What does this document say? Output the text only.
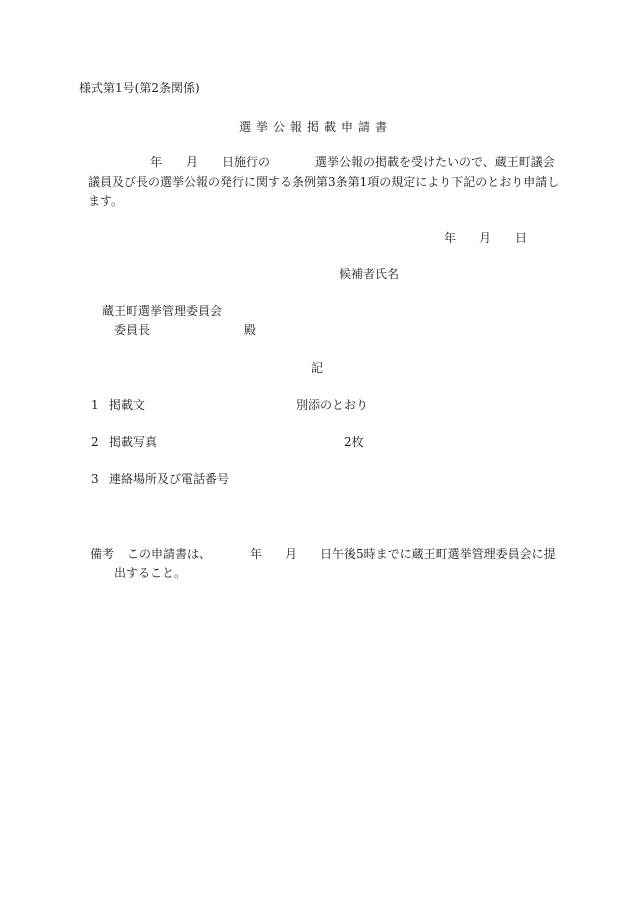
様式第1号(第2条関係)
選挙公報掲載申請書
年 月 日施行の	選挙公報の掲載を受けたいので、蔵王町議会
議員及び長の選挙公報の発行に関する条例第3条第1項の規定により下記のとおり申請し
ます。
年 月 日
候補者氏名
蔵王町選挙管理委員会
委員長	殿
記
1 掲載文	別添のとおり
2 掲載写真	2枚
3 連絡場所及び電話番号
備考 この申請書は、	年 月 日午後5時までに蔵王町選挙管理委員会に提
出すること。
